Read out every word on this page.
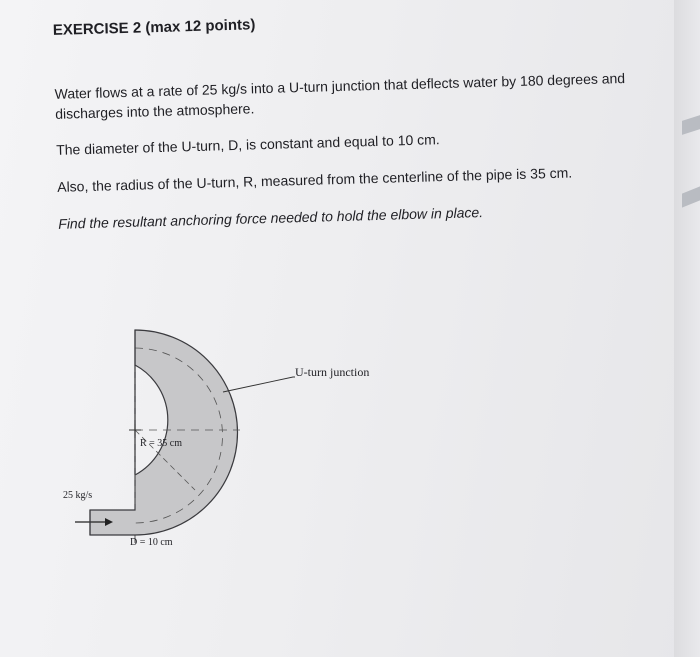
EXERCISE 2 (max 12 points)
Water flows at a rate of 25 kg/s into a U-turn junction that deflects water by 180 degrees and
discharges into the atmosphere.
The diameter of the U-turn, D, is constant and equal to 10 cm.
Also, the radius of the U-turn, R, measured from the centerline of the pipe is 35 cm.
Find the resultant anchoring force needed to hold the elbow in place.
U-turn junction
R = 35 cm
25 kg/s
D = 10 cm
